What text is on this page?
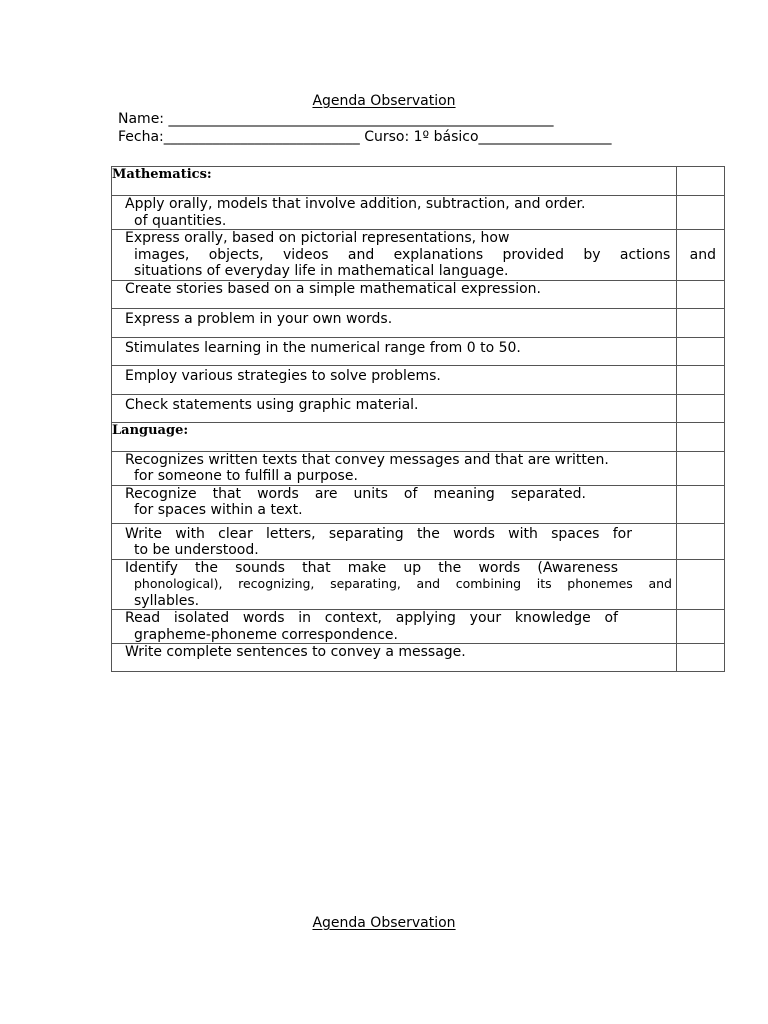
Agenda Observation
Name: _______________________________________________________
Fecha:____________________________ Curso: 1º básico___________________
Mathematics:	

Apply orally, models that involve addition, subtraction, and order.
of quantities.	

Express orally, based on pictorial representations, how
images, objects, videos and explanations provided by actions and
situations of everyday life in mathematical language.	

Create stories based on a simple mathematical expression.	

Express a problem in your own words.	

Stimulates learning in the numerical range from 0 to 50.	

Employ various strategies to solve problems.	

Check statements using graphic material.	

Language:	

Recognizes written texts that convey messages and that are written.
for someone to fulfill a purpose.	

Recognize that words are units of meaning separated.
for spaces within a text.	

Write with clear letters, separating the words with spaces for
to be understood.	

Identify the sounds that make up the words (Awareness
phonological), recognizing, separating, and combining its phonemes and
syllables.	

Read isolated words in context, applying your knowledge of
grapheme-phoneme correspondence.	

Write complete sentences to convey a message.	

Agenda Observation
